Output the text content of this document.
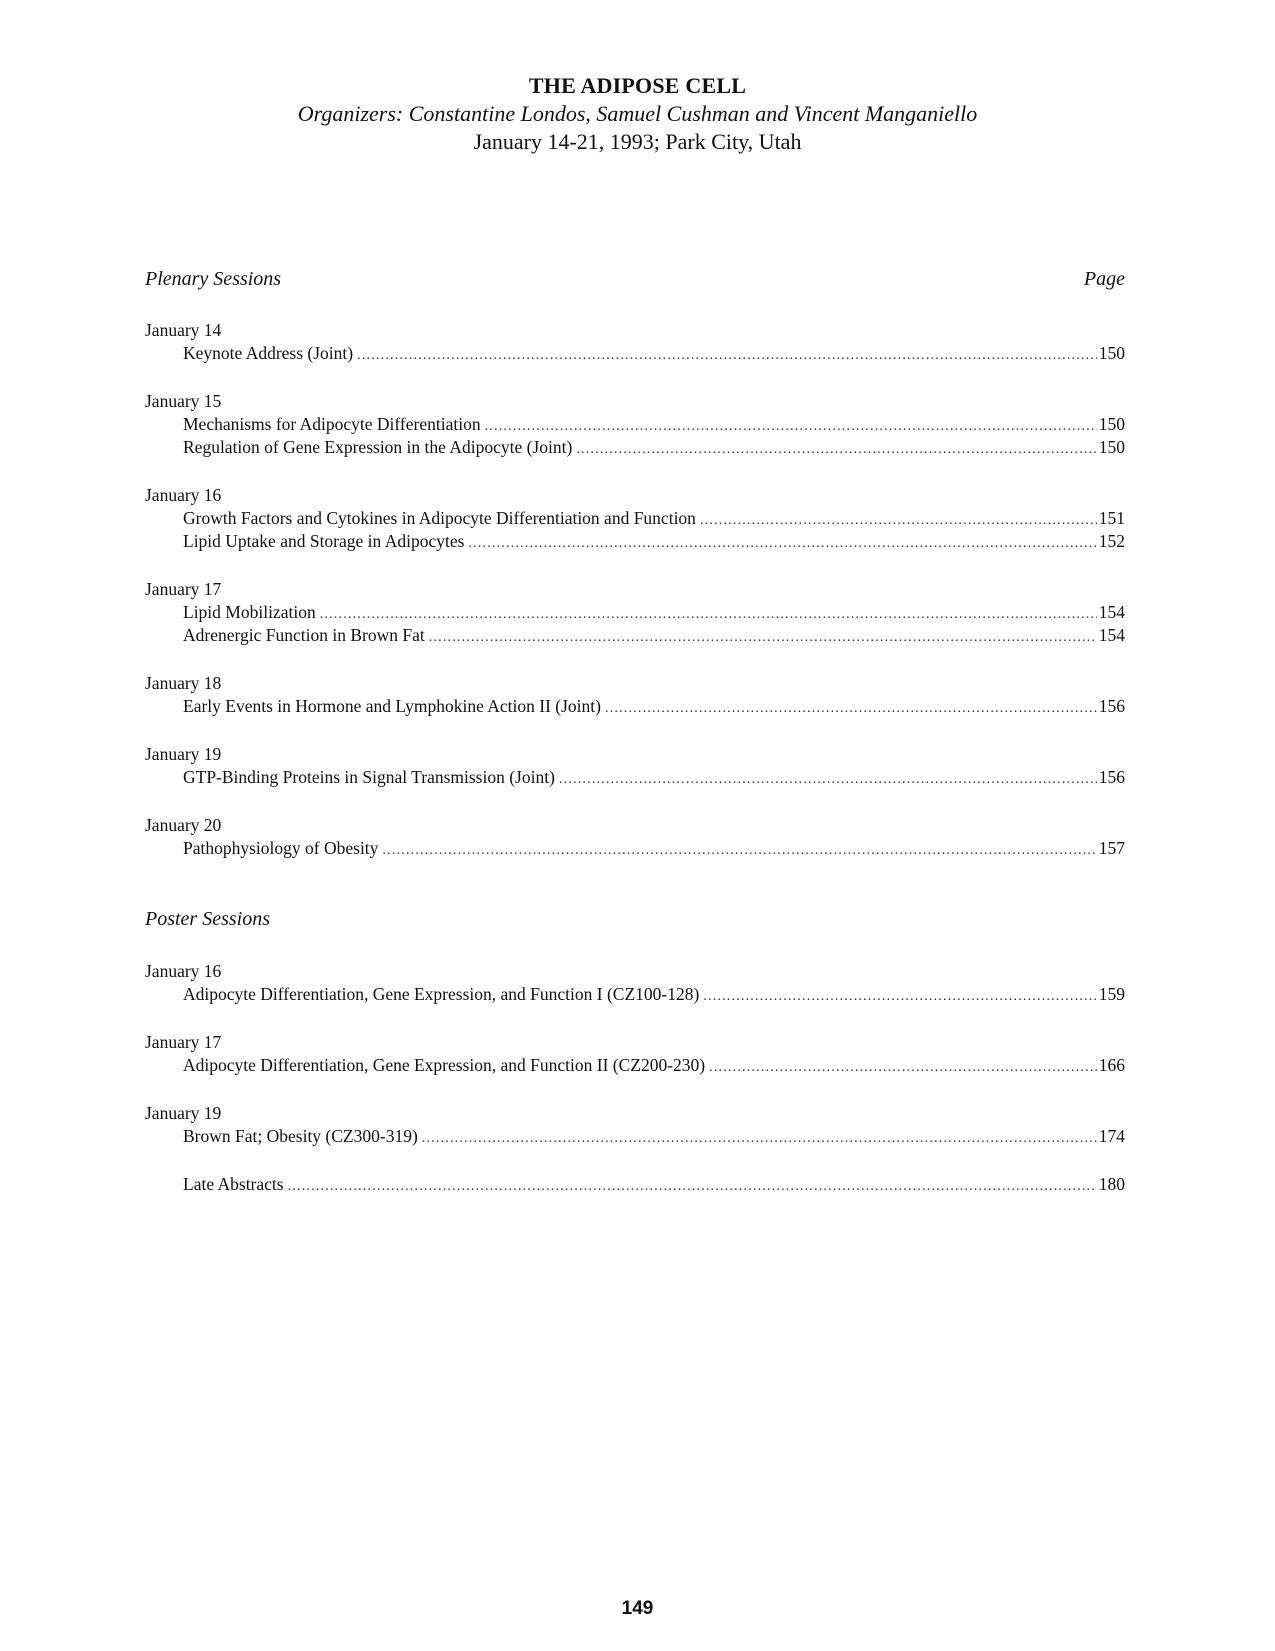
THE ADIPOSE CELL
Organizers: Constantine Londos, Samuel Cushman and Vincent Manganiello
January 14-21, 1993; Park City, Utah
Plenary Sessions	Page
January 14
Keynote Address (Joint) .....	150
January 15
Mechanisms for Adipocyte Differentiation .....	150
Regulation of Gene Expression in the Adipocyte (Joint) .....	150
January 16
Growth Factors and Cytokines in Adipocyte Differentiation and Function .....	151
Lipid Uptake and Storage in Adipocytes .....	152
January 17
Lipid Mobilization .....	154
Adrenergic Function in Brown Fat .....	154
January 18
Early Events in Hormone and Lymphokine Action II (Joint) .....	156
January 19
GTP-Binding Proteins in Signal Transmission (Joint) .....	156
January 20
Pathophysiology of Obesity .....	157
Poster Sessions
January 16
Adipocyte Differentiation, Gene Expression, and Function I (CZ100-128) .....	159
January 17
Adipocyte Differentiation, Gene Expression, and Function II (CZ200-230) .....	166
January 19
Brown Fat; Obesity (CZ300-319) .....	174
Late Abstracts .....	180
149
